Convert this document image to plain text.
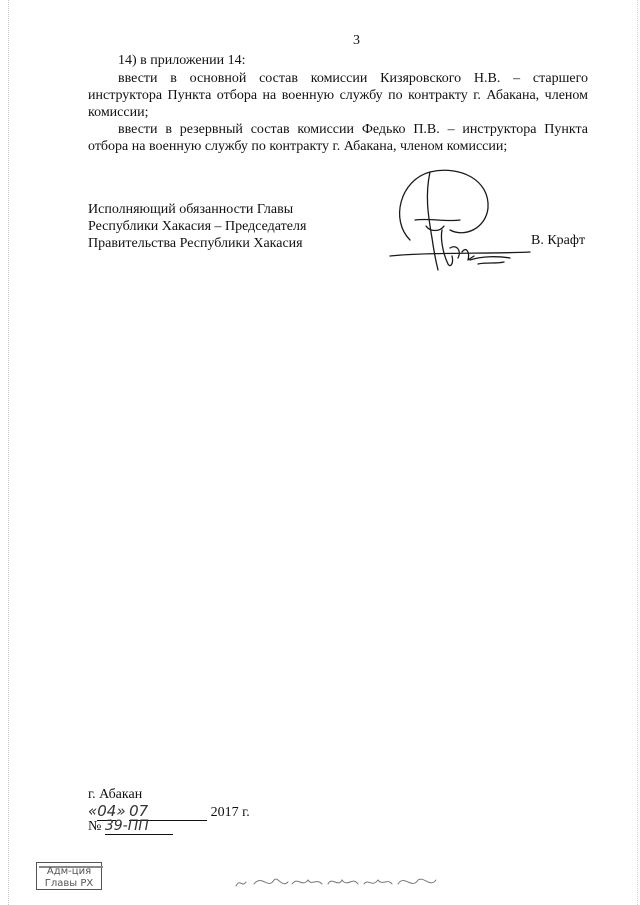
3
14) в приложении 14:
ввести в основной состав комиссии Кизяровского Н.В. – старшего инструктора Пункта отбора на военную службу по контракту г. Абакана, членом комиссии;
ввести в резервный состав комиссии Федько П.В. – инструктора Пункта отбора на военную службу по контракту г. Абакана, членом комиссии;
Исполняющий обязанности Главы
Республики Хакасия – Председателя
Правительства Республики Хакасия	В. Крафт
г. Абакан
«04» 07	2017 г.
№ 39-ПП
Адм-ция
Главы РХ
